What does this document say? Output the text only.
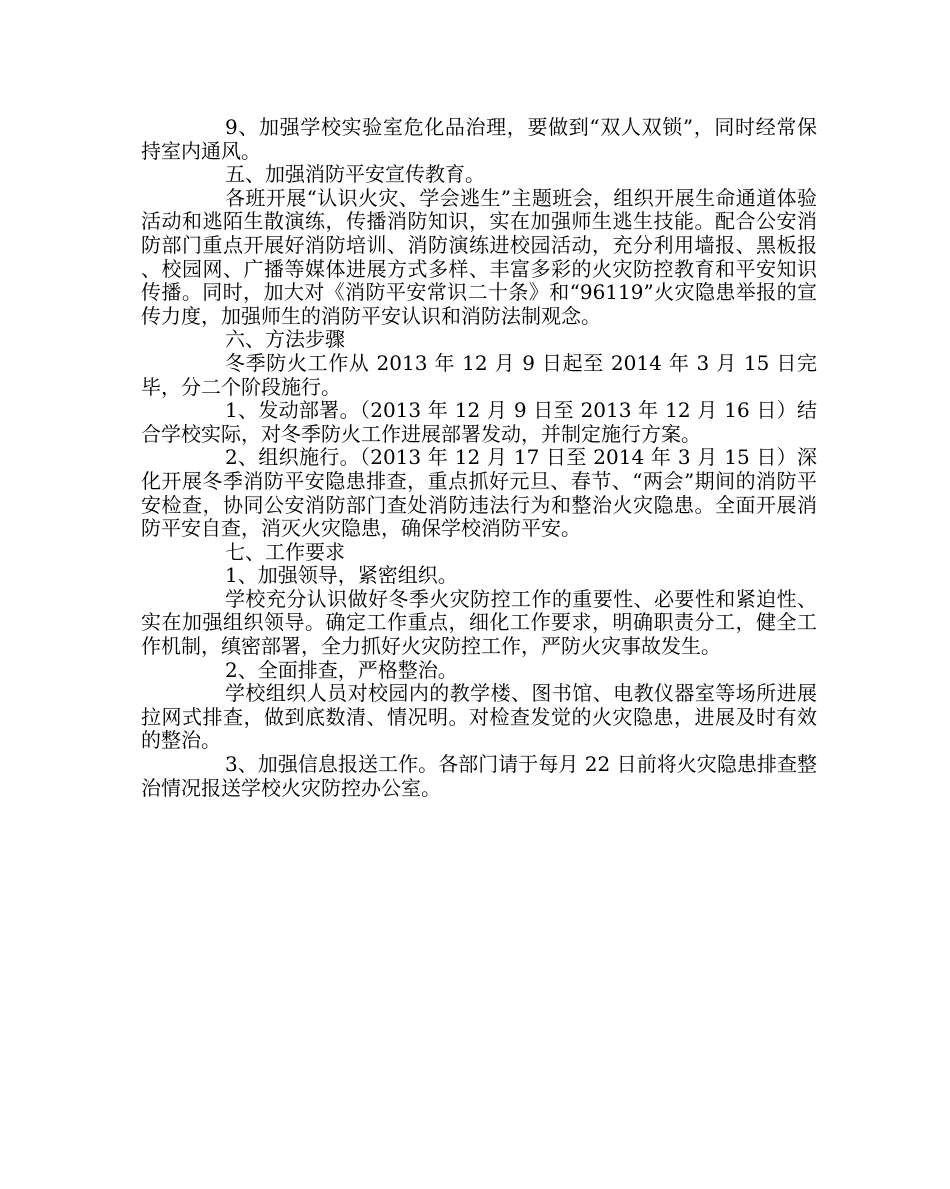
9、加强学校实验室危化品治理，要做到“双人双锁”，同时经常保持室内通风。

五、加强消防平安宣传教育。

各班开展“认识火灾、学会逃生”主题班会，组织开展生命通道体验活动和逃陌生散演练，传播消防知识，实在加强师生逃生技能。配合公安消防部门重点开展好消防培训、消防演练进校园活动，充分利用墙报、黑板报、校园网、广播等媒体进展方式多样、丰富多彩的火灾防控教育和平安知识传播。同时，加大对《消防平安常识二十条》和“96119”火灾隐患举报的宣传力度，加强师生的消防平安认识和消防法制观念。

六、方法步骤

冬季防火工作从 2013 年 12 月 9 日起至 2014 年 3 月 15 日完毕，分二个阶段施行。

1、发动部署。（2013 年 12 月 9 日至 2013 年 12 月 16 日）结合学校实际，对冬季防火工作进展部署发动，并制定施行方案。

2、组织施行。（2013 年 12 月 17 日至 2014 年 3 月 15 日）深化开展冬季消防平安隐患排查，重点抓好元旦、春节、“两会”期间的消防平安检查，协同公安消防部门查处消防违法行为和整治火灾隐患。全面开展消防平安自查，消灭火灾隐患，确保学校消防平安。

七、工作要求

1、加强领导，紧密组织。

学校充分认识做好冬季火灾防控工作的重要性、必要性和紧迫性、实在加强组织领导。确定工作重点，细化工作要求，明确职责分工，健全工作机制，缜密部署，全力抓好火灾防控工作，严防火灾事故发生。

2、全面排查，严格整治。

学校组织人员对校园内的教学楼、图书馆、电教仪器室等场所进展拉网式排查，做到底数清、情况明。对检查发觉的火灾隐患，进展及时有效的整治。

3、加强信息报送工作。各部门请于每月 22 日前将火灾隐患排查整治情况报送学校火灾防控办公室。
